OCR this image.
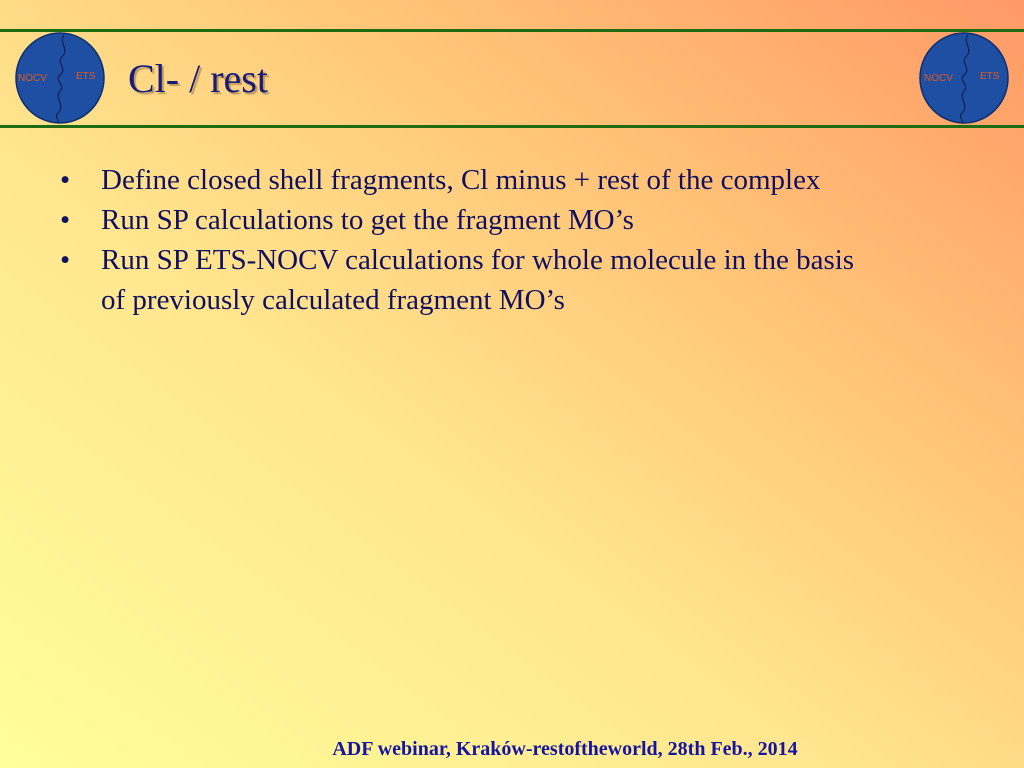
NOCV	ETS	NOCV	ETS
Cl- / rest
• Define closed shell fragments, Cl minus + rest of the complex
• Run SP calculations to get the fragment MO’s
• Run SP ETS-NOCV calculations for whole molecule in the basis
of previously calculated fragment MO’s
ADF webinar, Kraków-restoftheworld, 28th Feb., 2014
